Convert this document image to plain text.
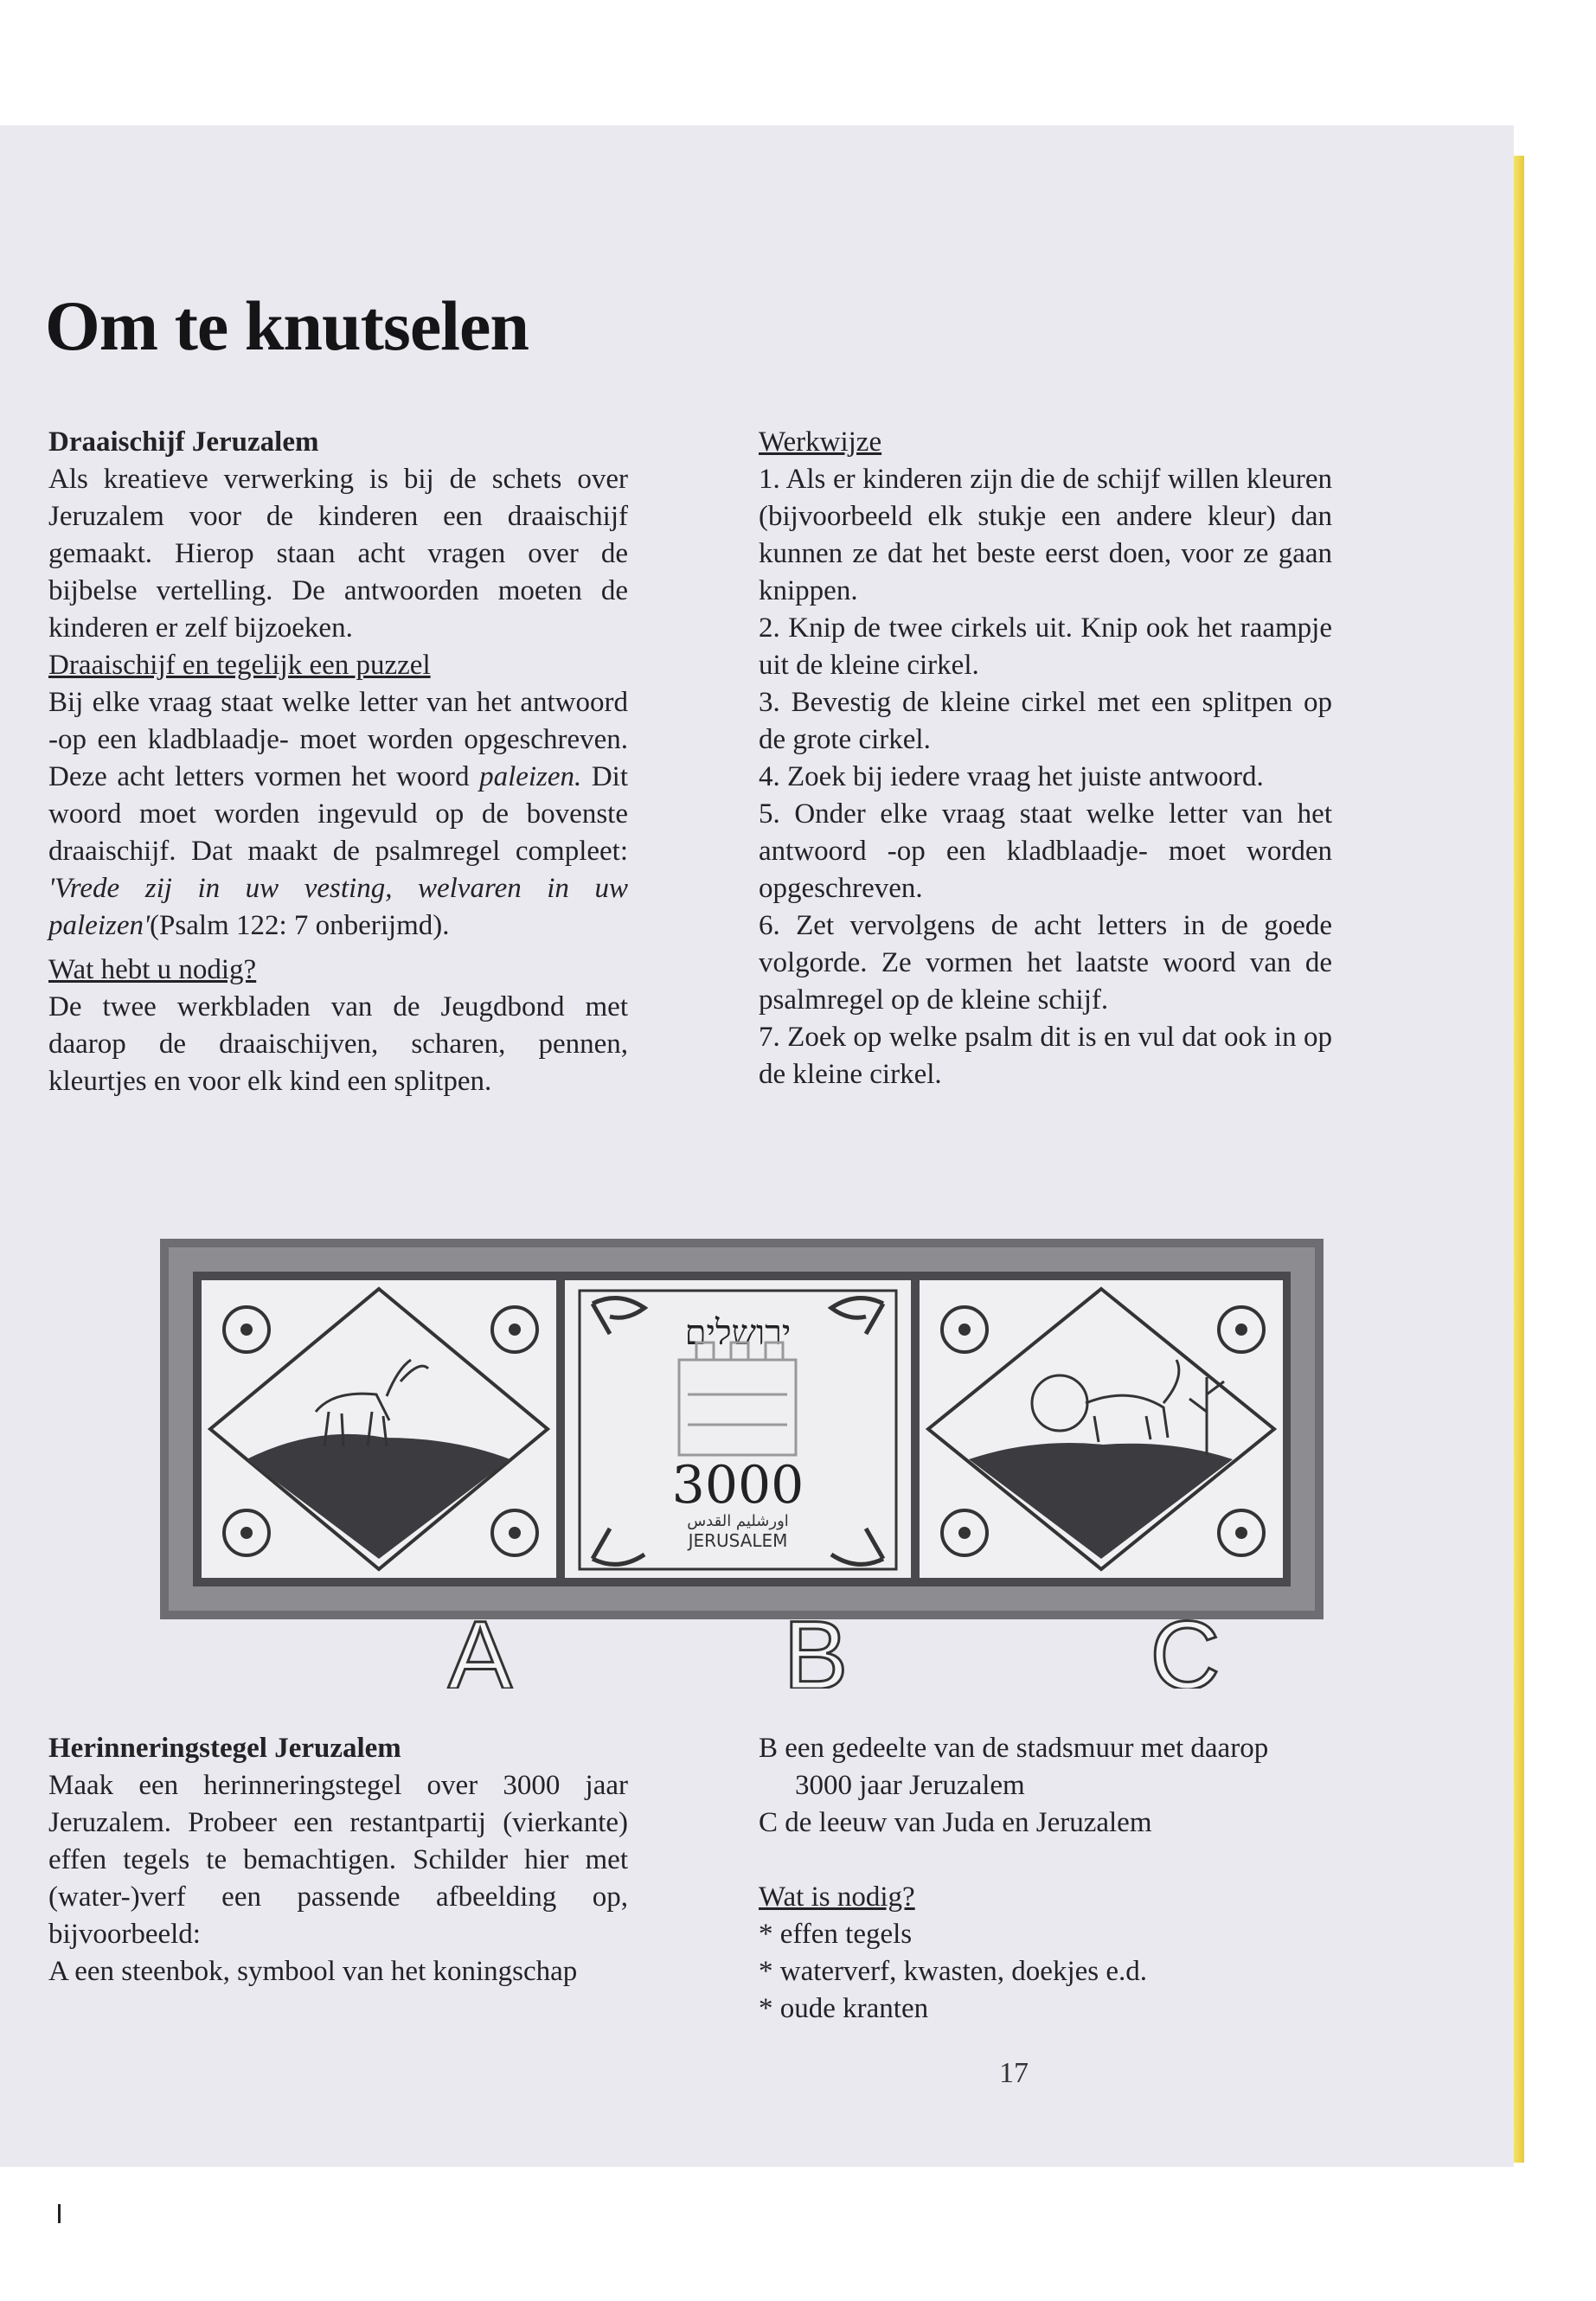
Om te knutselen

Draaischijf Jeruzalem

Als kreatieve verwerking is bij de schets over Jeruzalem voor de kinderen een draaischijf gemaakt. Hierop staan acht vragen over de bijbelse vertelling. De antwoorden moeten de kinderen er zelf bijzoeken.

Draaischijf en tegelijk een puzzel

Bij elke vraag staat welke letter van het antwoord -op een kladblaadje- moet worden opgeschreven. Deze acht letters vormen het woord paleizen. Dit woord moet worden ingevuld op de bovenste draaischijf. Dat maakt de psalmregel compleet: 'Vrede zij in uw vesting, welvaren in uw paleizen'(Psalm 122: 7 onberijmd).

Wat hebt u nodig?

De twee werkbladen van de Jeugdbond met daarop de draaischijven, scharen, pennen, kleurtjes en voor elk kind een splitpen.

Werkwijze

1. Als er kinderen zijn die de schijf willen kleuren (bijvoorbeeld elk stukje een andere kleur) dan kunnen ze dat het beste eerst doen, voor ze gaan knippen.

2. Knip de twee cirkels uit. Knip ook het raampje uit de kleine cirkel.

3. Bevestig de kleine cirkel met een splitpen op de grote cirkel.

4. Zoek bij iedere vraag het juiste antwoord.

5. Onder elke vraag staat welke letter van het antwoord -op een kladblaadje- moet worden opgeschreven.

6. Zet vervolgens de acht letters in de goede volgorde. Ze vormen het laatste woord van de psalmregel op de kleine schijf.

7. Zoek op welke psalm dit is en vul dat ook in op de kleine cirkel.

ירושלים
3000
اورشليم القدس
JERUSALEM
A	B	C

Herinneringstegel Jeruzalem

Maak een herinneringstegel over 3000 jaar Jeruzalem. Probeer een restantpartij (vierkante) effen tegels te bemachtigen. Schilder hier met (water-)verf een passende afbeelding op, bijvoorbeeld:

A een steenbok, symbool van het koningschap

B een gedeelte van de stadsmuur met daarop 3000 jaar Jeruzalem

C de leeuw van Juda en Jeruzalem

Wat is nodig?

* effen tegels

* waterverf, kwasten, doekjes e.d.

* oude kranten

17
